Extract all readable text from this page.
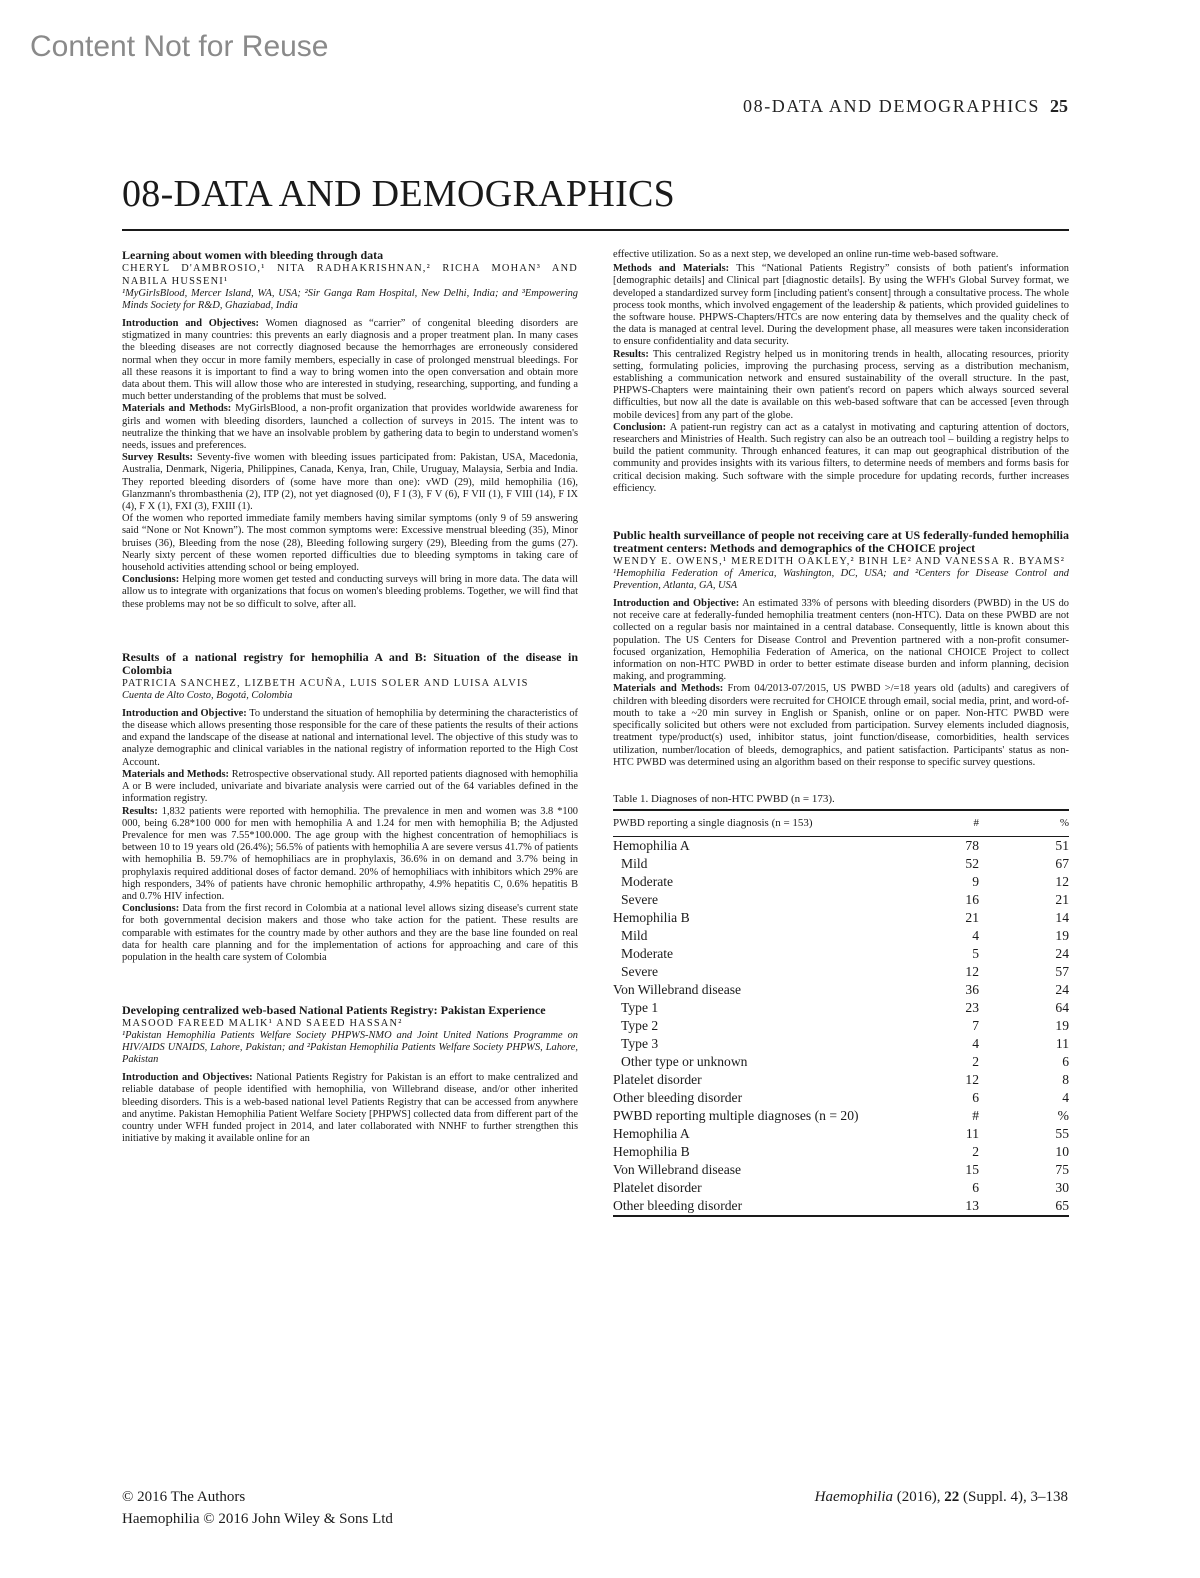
Content Not for Reuse
08-DATA AND DEMOGRAPHICS 25
08-DATA AND DEMOGRAPHICS

Learning about women with bleeding through data

CHERYL D'AMBROSIO,¹ NITA RADHAKRISHNAN,² RICHA MOHAN³ AND NABILA HUSSENI¹
¹MyGirlsBlood, Mercer Island, WA, USA; ²Sir Ganga Ram Hospital, New Delhi, India; and ³Empowering Minds Society for R&D, Ghaziabad, India

Introduction and Objectives: Women diagnosed as “carrier” of congenital bleeding disorders are stigmatized in many countries: this prevents an early diagnosis and a proper treatment plan. In many cases the bleeding diseases are not correctly diagnosed because the hemorrhages are erroneously considered normal when they occur in more family members, especially in case of prolonged menstrual bleedings. For all these reasons it is important to find a way to bring women into the open conversation and obtain more data about them. This will allow those who are interested in studying, researching, supporting, and funding a much better understanding of the problems that must be solved.

Materials and Methods: MyGirlsBlood, a non-profit organization that provides worldwide awareness for girls and women with bleeding disorders, launched a collection of surveys in 2015. The intent was to neutralize the thinking that we have an insolvable problem by gathering data to begin to understand women's needs, issues and preferences.

Survey Results: Seventy-five women with bleeding issues participated from: Pakistan, USA, Macedonia, Australia, Denmark, Nigeria, Philippines, Canada, Kenya, Iran, Chile, Uruguay, Malaysia, Serbia and India. They reported bleeding disorders of (some have more than one): vWD (29), mild hemophilia (16), Glanzmann's thrombasthenia (2), ITP (2), not yet diagnosed (0), F I (3), F V (6), F VII (1), F VIII (14), F IX (4), F X (1), FXI (3), FXIII (1).

Of the women who reported immediate family members having similar symptoms (only 9 of 59 answering said “None or Not Known”). The most common symptoms were: Excessive menstrual bleeding (35), Minor bruises (36), Bleeding from the nose (28), Bleeding following surgery (29), Bleeding from the gums (27). Nearly sixty percent of these women reported difficulties due to bleeding symptoms in taking care of household activities attending school or being employed.

Conclusions: Helping more women get tested and conducting surveys will bring in more data. The data will allow us to integrate with organizations that focus on women's bleeding problems. Together, we will find that these problems may not be so difficult to solve, after all.

Results of a national registry for hemophilia A and B: Situation of the disease in Colombia

PATRICIA SANCHEZ, LIZBETH ACUÑA, LUIS SOLER AND LUISA ALVIS
Cuenta de Alto Costo, Bogotá, Colombia

Introduction and Objective: To understand the situation of hemophilia by determining the characteristics of the disease which allows presenting those responsible for the care of these patients the results of their actions and expand the landscape of the disease at national and international level. The objective of this study was to analyze demographic and clinical variables in the national registry of information reported to the High Cost Account.

Materials and Methods: Retrospective observational study. All reported patients diagnosed with hemophilia A or B were included, univariate and bivariate analysis were carried out of the 64 variables defined in the information registry.

Results: 1,832 patients were reported with hemophilia. The prevalence in men and women was 3.8 *100 000, being 6.28*100 000 for men with hemophilia A and 1.24 for men with hemophilia B; the Adjusted Prevalence for men was 7.55*100.000. The age group with the highest concentration of hemophiliacs is between 10 to 19 years old (26.4%); 56.5% of patients with hemophilia A are severe versus 41.7% of patients with hemophilia B. 59.7% of hemophiliacs are in prophylaxis, 36.6% in on demand and 3.7% being in prophylaxis required additional doses of factor demand. 20% of hemophiliacs with inhibitors which 29% are high responders, 34% of patients have chronic hemophilic arthropathy, 4.9% hepatitis C, 0.6% hepatitis B and 0.7% HIV infection.

Conclusions: Data from the first record in Colombia at a national level allows sizing disease's current state for both governmental decision makers and those who take action for the patient. These results are comparable with estimates for the country made by other authors and they are the base line founded on real data for health care planning and for the implementation of actions for approaching and care of this population in the health care system of Colombia

Developing centralized web-based National Patients Registry: Pakistan Experience

MASOOD FAREED MALIK¹ AND SAEED HASSAN²
¹Pakistan Hemophilia Patients Welfare Society PHPWS-NMO and Joint United Nations Programme on HIV/AIDS UNAIDS, Lahore, Pakistan; and ²Pakistan Hemophilia Patients Welfare Society PHPWS, Lahore, Pakistan

Introduction and Objectives: National Patients Registry for Pakistan is an effort to make centralized and reliable database of people identified with hemophilia, von Willebrand disease, and/or other inherited bleeding disorders. This is a web-based national level Patients Registry that can be accessed from anywhere and anytime. Pakistan Hemophilia Patient Welfare Society [PHPWS] collected data from different part of the country under WFH funded project in 2014, and later collaborated with NNHF to further strengthen this initiative by making it available online for an

effective utilization. So as a next step, we developed an online run-time web-based software.

Methods and Materials: This “National Patients Registry” consists of both patient's information [demographic details] and Clinical part [diagnostic details]. By using the WFH's Global Survey format, we developed a standardized survey form [including patient's consent] through a consultative process. The whole process took months, which involved engagement of the leadership & patients, which provided guidelines to the software house. PHPWS-Chapters/HTCs are now entering data by themselves and the quality check of the data is managed at central level. During the development phase, all measures were taken inconsideration to ensure confidentiality and data security.

Results: This centralized Registry helped us in monitoring trends in health, allocating resources, priority setting, formulating policies, improving the purchasing process, serving as a distribution mechanism, establishing a communication network and ensured sustainability of the overall structure. In the past, PHPWS-Chapters were maintaining their own patient's record on papers which always sourced several difficulties, but now all the date is available on this web-based software that can be accessed [even through mobile devices] from any part of the globe.

Conclusion: A patient-run registry can act as a catalyst in motivating and capturing attention of doctors, researchers and Ministries of Health. Such registry can also be an outreach tool – building a registry helps to build the patient community. Through enhanced features, it can map out geographical distribution of the community and provides insights with its various filters, to determine needs of members and forms basis for critical decision making. Such software with the simple procedure for updating records, further increases efficiency.

Public health surveillance of people not receiving care at US federally-funded hemophilia treatment centers: Methods and demographics of the CHOICE project

WENDY E. OWENS,¹ MEREDITH OAKLEY,² BINH LE² AND VANESSA R. BYAMS²
¹Hemophilia Federation of America, Washington, DC, USA; and ²Centers for Disease Control and Prevention, Atlanta, GA, USA

Introduction and Objective: An estimated 33% of persons with bleeding disorders (PWBD) in the US do not receive care at federally-funded hemophilia treatment centers (non-HTC). Data on these PWBD are not collected on a regular basis nor maintained in a central database. Consequently, little is known about this population. The US Centers for Disease Control and Prevention partnered with a non-profit consumer-focused organization, Hemophilia Federation of America, on the national CHOICE Project to collect information on non-HTC PWBD in order to better estimate disease burden and inform planning, decision making, and programming.

Materials and Methods: From 04/2013-07/2015, US PWBD >/=18 years old (adults) and caregivers of children with bleeding disorders were recruited for CHOICE through email, social media, print, and word-of-mouth to take a ~20 min survey in English or Spanish, online or on paper. Non-HTC PWBD were specifically solicited but others were not excluded from participation. Survey elements included diagnosis, treatment type/product(s) used, inhibitor status, joint function/disease, comorbidities, health services utilization, number/location of bleeds, demographics, and patient satisfaction. Participants' status as non-HTC PWBD was determined using an algorithm based on their response to specific survey questions.

Table 1. Diagnoses of non-HTC PWBD (n = 173).
PWBD reporting a single diagnosis (n = 153)	#	%
Hemophilia A	78	51
Mild	52	67
Moderate	9	12
Severe	16	21
Hemophilia B	21	14
Mild	4	19
Moderate	5	24
Severe	12	57
Von Willebrand disease	36	24
Type 1	23	64
Type 2	7	19
Type 3	4	11
Other type or unknown	2	6
Platelet disorder	12	8
Other bleeding disorder	6	4
PWBD reporting multiple diagnoses (n = 20)	#	%
Hemophilia A	11	55
Hemophilia B	2	10
Von Willebrand disease	15	75
Platelet disorder	6	30
Other bleeding disorder	13	65
© 2016 The Authors
Haemophilia © 2016 John Wiley & Sons Ltd
Haemophilia (2016), 22 (Suppl. 4), 3–138
